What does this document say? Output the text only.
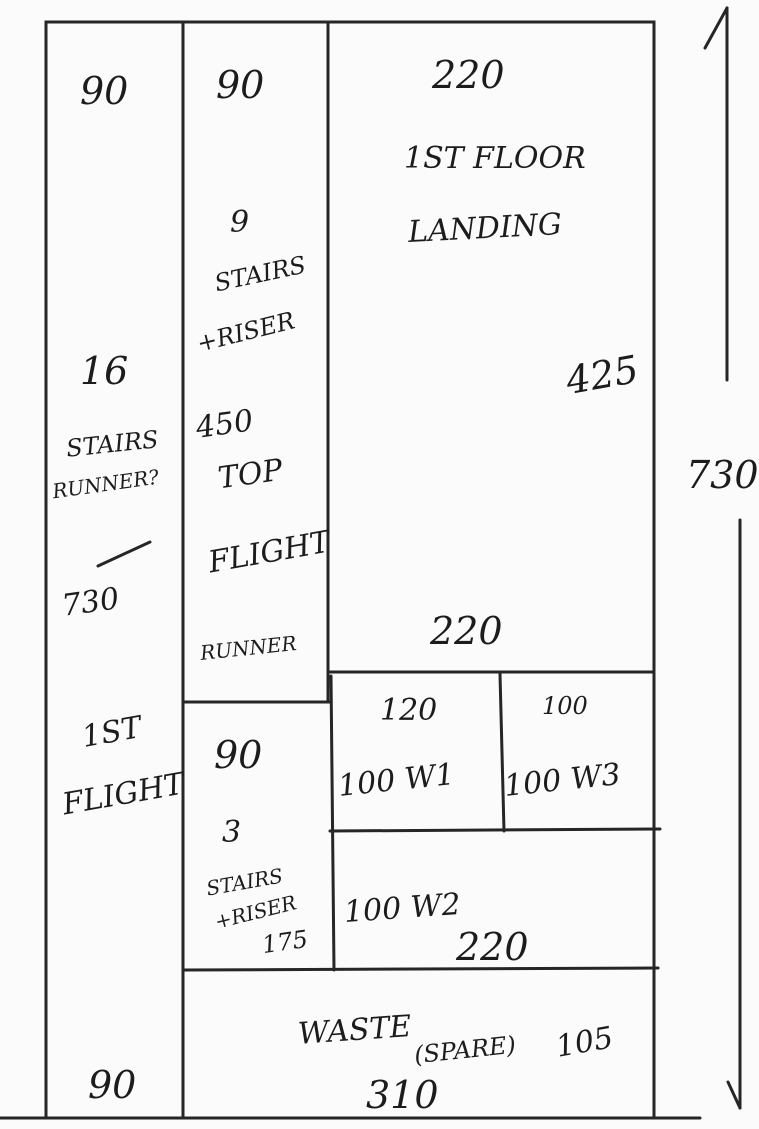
90
16
STAIRS
RUNNER?
730
1ST
FLIGHT
90
90
9
STAIRS
+RISER
450
TOP
FLIGHT
RUNNER
220
1ST FLOOR
LANDING
425
730
220
120
100 W1
100
100 W3
90
3
STAIRS
+RISER
175
100 W2
220
WASTE (SPARE) 105
310
